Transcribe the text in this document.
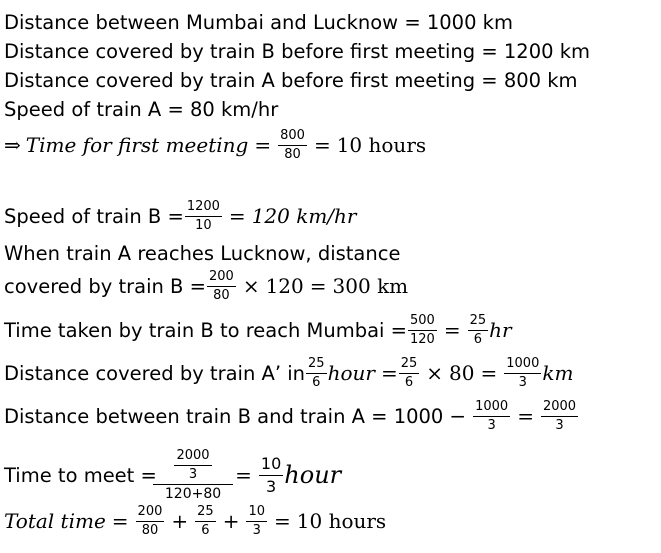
Distance between Mumbai and Lucknow = 1000 km
Distance covered by train B before first meeting = 1200 km
Distance covered by train A before first meeting = 800 km
Speed of train A = 80 km/hr
⇒ Time for first meeting = $\frac{800}{80} = 10$ hours
Speed of train $B = \frac{1200}{10} = 120$ km/hr
When train A reaches Lucknow, distance
covered by train $B = \frac{200}{80} \times 120 = 300$ km
Time taken by train B to reach Mumbai = $\frac{500}{120} = \frac{25}{6}$ hr
Distance covered by train A’ in $\frac{25}{6}$ hour = $\frac{25}{6} \times 80 = \frac{1000}{3}$ km
Distance between train B and train $A = 1000 - \frac{1000}{3} = \frac{2000}{3}$
Time to meet = $\frac{\frac{2000}{3}}{120+80} = \frac{10}{3}$ hour
Total time = $\frac{200}{80} + \frac{25}{6} + \frac{10}{3} = 10$ hours
